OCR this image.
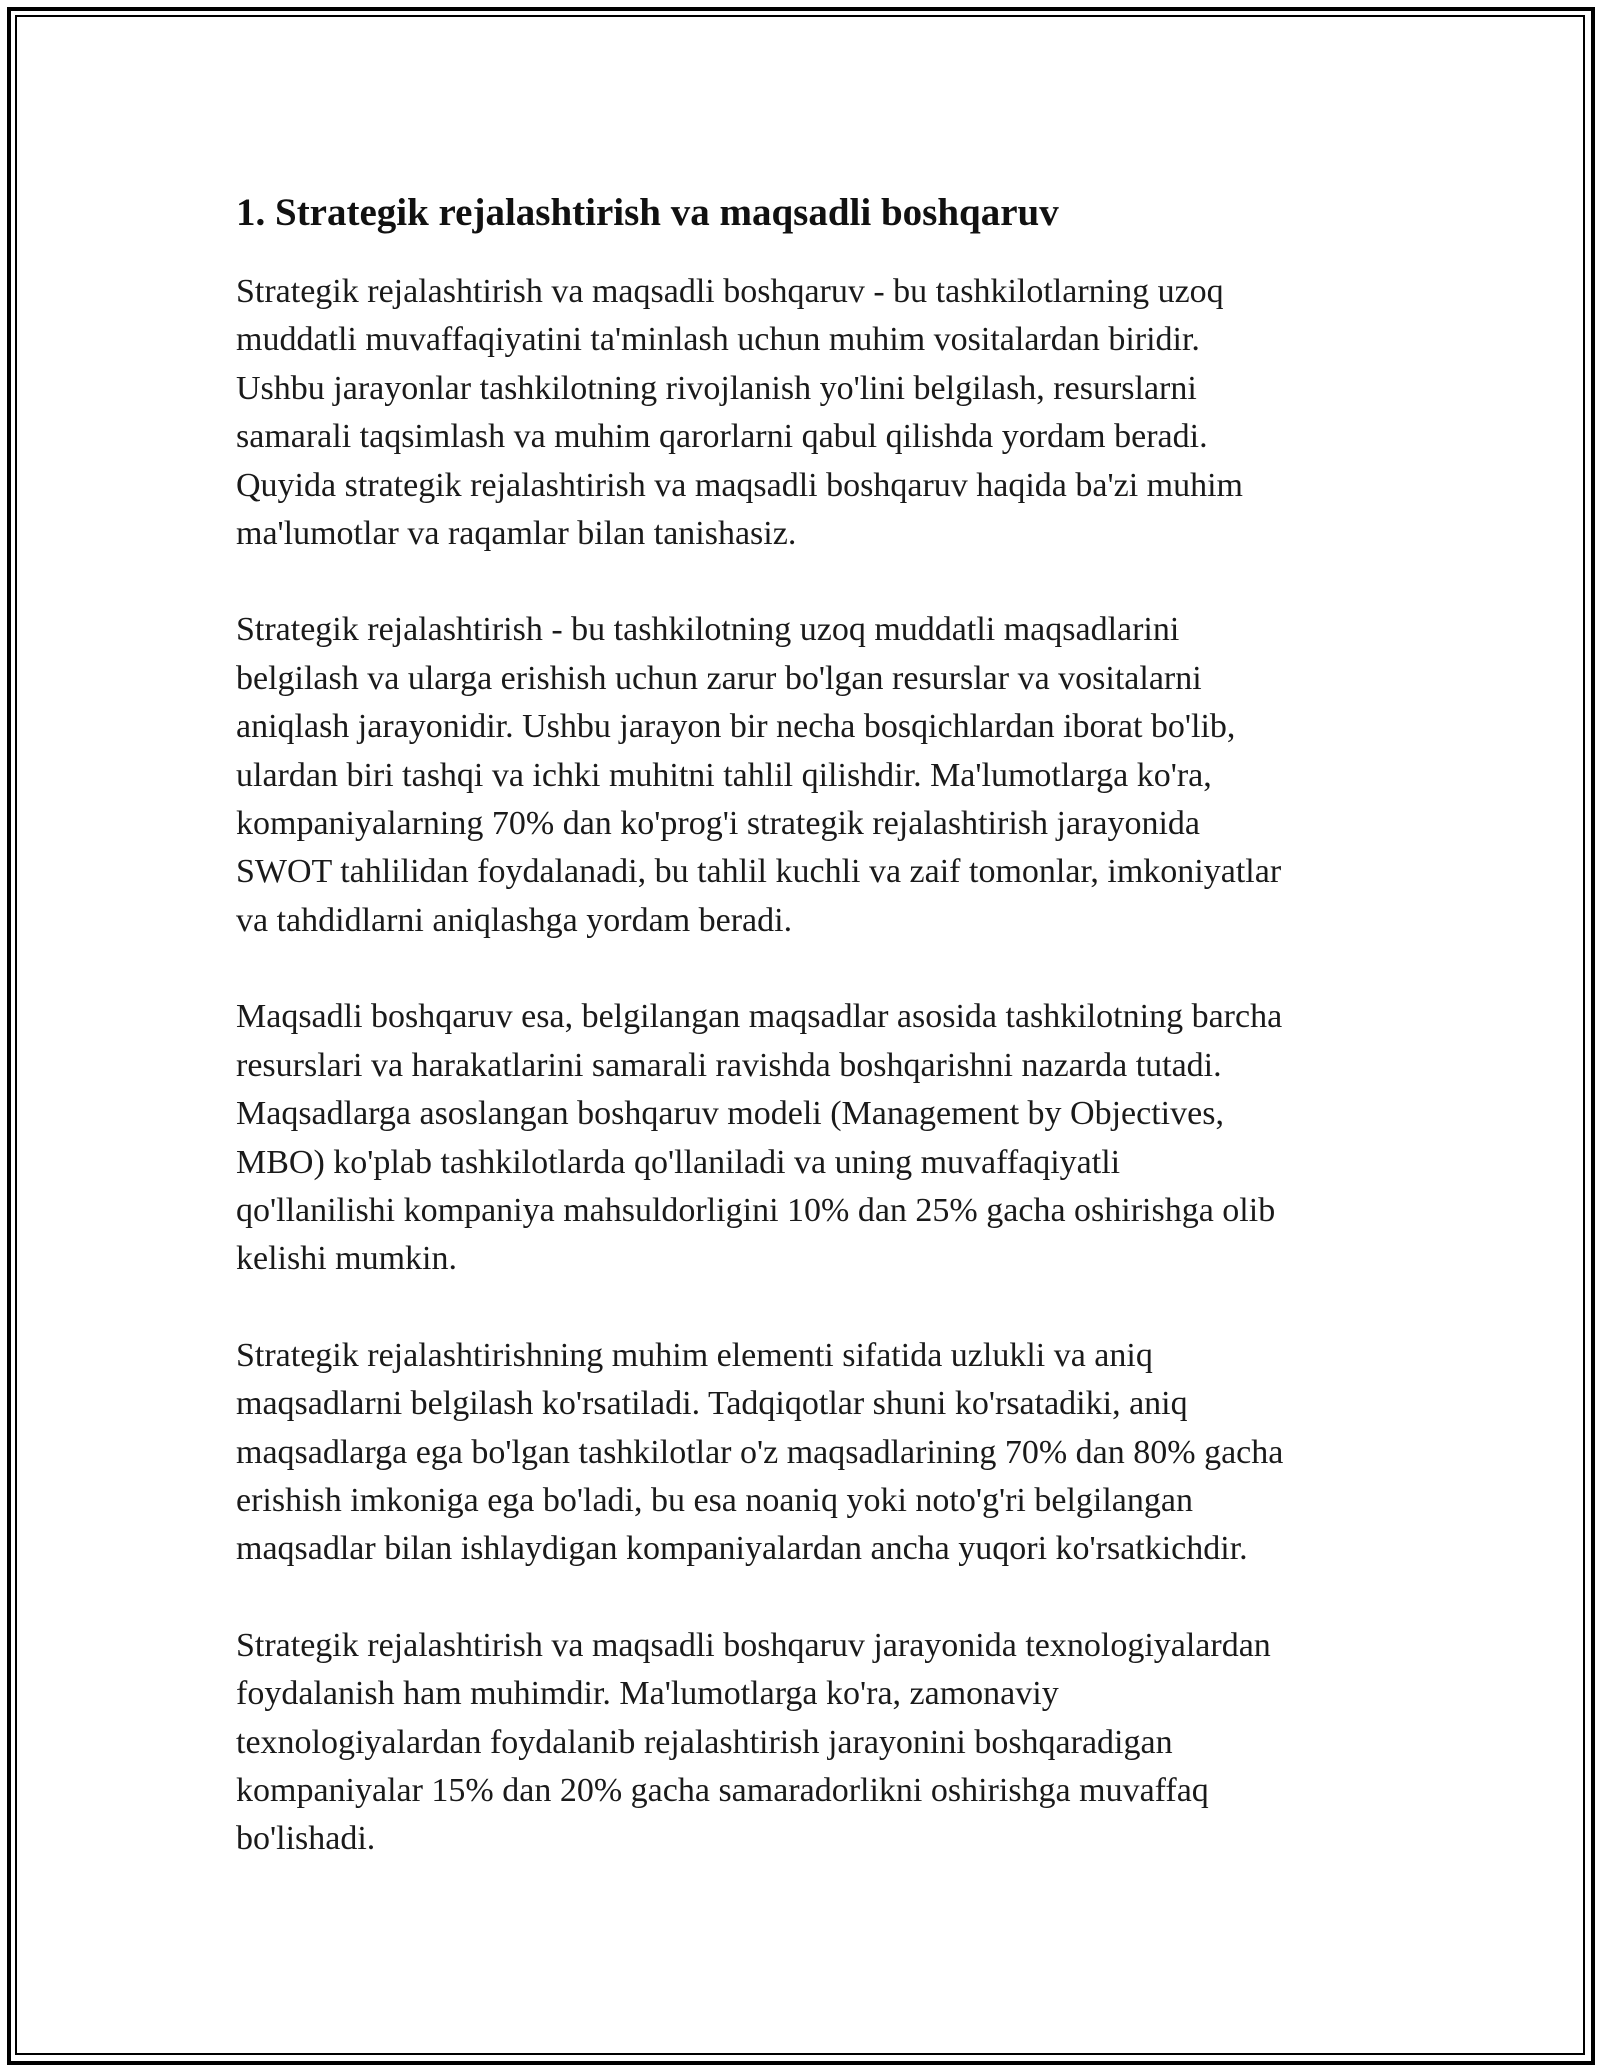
1. Strategik rejalashtirish va maqsadli boshqaruv

Strategik rejalashtirish va maqsadli boshqaruv - bu tashkilotlarning uzoq
muddatli muvaffaqiyatini ta'minlash uchun muhim vositalardan biridir.
Ushbu jarayonlar tashkilotning rivojlanish yo'lini belgilash, resurslarni
samarali taqsimlash va muhim qarorlarni qabul qilishda yordam beradi.
Quyida strategik rejalashtirish va maqsadli boshqaruv haqida ba'zi muhim
ma'lumotlar va raqamlar bilan tanishasiz.

Strategik rejalashtirish - bu tashkilotning uzoq muddatli maqsadlarini
belgilash va ularga erishish uchun zarur bo'lgan resurslar va vositalarni
aniqlash jarayonidir. Ushbu jarayon bir necha bosqichlardan iborat bo'lib,
ulardan biri tashqi va ichki muhitni tahlil qilishdir. Ma'lumotlarga ko'ra,
kompaniyalarning 70% dan ko'prog'i strategik rejalashtirish jarayonida
SWOT tahlilidan foydalanadi, bu tahlil kuchli va zaif tomonlar, imkoniyatlar
va tahdidlarni aniqlashga yordam beradi.

Maqsadli boshqaruv esa, belgilangan maqsadlar asosida tashkilotning barcha
resurslari va harakatlarini samarali ravishda boshqarishni nazarda tutadi.
Maqsadlarga asoslangan boshqaruv modeli (Management by Objectives,
MBO) ko'plab tashkilotlarda qo'llaniladi va uning muvaffaqiyatli
qo'llanilishi kompaniya mahsuldorligini 10% dan 25% gacha oshirishga olib
kelishi mumkin.

Strategik rejalashtirishning muhim elementi sifatida uzlukli va aniq
maqsadlarni belgilash ko'rsatiladi. Tadqiqotlar shuni ko'rsatadiki, aniq
maqsadlarga ega bo'lgan tashkilotlar o'z maqsadlarining 70% dan 80% gacha
erishish imkoniga ega bo'ladi, bu esa noaniq yoki noto'g'ri belgilangan
maqsadlar bilan ishlaydigan kompaniyalardan ancha yuqori ko'rsatkichdir.

Strategik rejalashtirish va maqsadli boshqaruv jarayonida texnologiyalardan
foydalanish ham muhimdir. Ma'lumotlarga ko'ra, zamonaviy
texnologiyalardan foydalanib rejalashtirish jarayonini boshqaradigan
kompaniyalar 15% dan 20% gacha samaradorlikni oshirishga muvaffaq
bo'lishadi.
